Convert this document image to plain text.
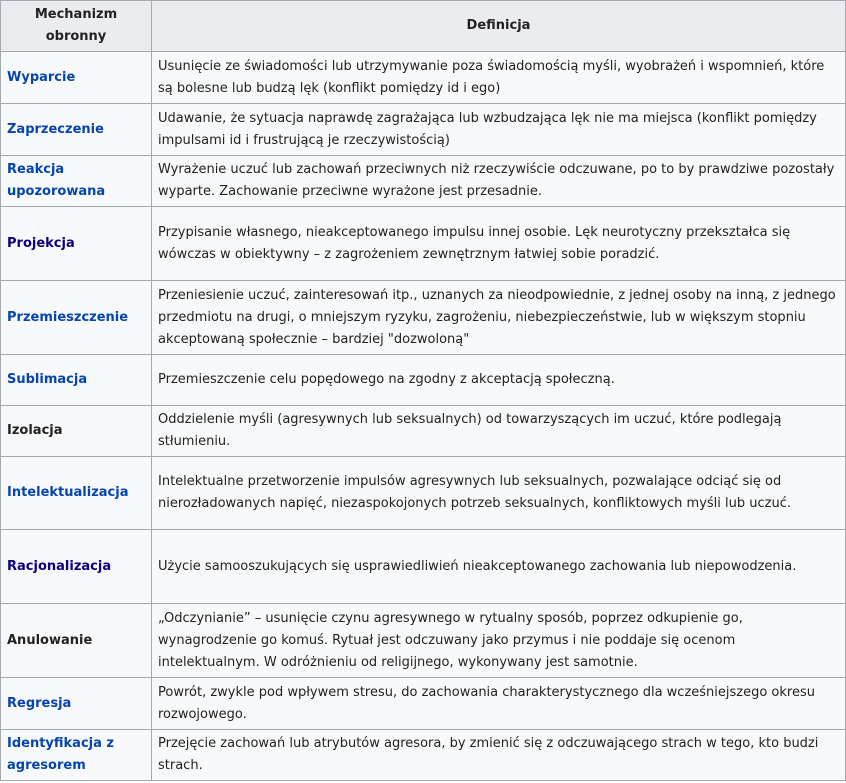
Mechanizm obronny	Definicja
Wyparcie	Usunięcie ze świadomości lub utrzymywanie poza świadomością myśli, wyobrażeń i wspomnień, które są bolesne lub budzą lęk (konflikt pomiędzy id i ego)
Zaprzeczenie	Udawanie, że sytuacja naprawdę zagrażająca lub wzbudzająca lęk nie ma miejsca (konflikt pomiędzy impulsami id i frustrującą je rzeczywistością)
Reakcja upozorowana	Wyrażenie uczuć lub zachowań przeciwnych niż rzeczywiście odczuwane, po to by prawdziwe pozostały wyparte. Zachowanie przeciwne wyrażone jest przesadnie.
Projekcja	Przypisanie własnego, nieakceptowanego impulsu innej osobie. Lęk neurotyczny przekształca się wówczas w obiektywny – z zagrożeniem zewnętrznym łatwiej sobie poradzić.
Przemieszczenie	Przeniesienie uczuć, zainteresowań itp., uznanych za nieodpowiednie, z jednej osoby na inną, z jednego przedmiotu na drugi, o mniejszym ryzyku, zagrożeniu, niebezpieczeństwie, lub w większym stopniu akceptowaną społecznie – bardziej "dozwoloną"
Sublimacja	Przemieszczenie celu popędowego na zgodny z akceptacją społeczną.
Izolacja	Oddzielenie myśli (agresywnych lub seksualnych) od towarzyszących im uczuć, które podlegają stłumieniu.
Intelektualizacja	Intelektualne przetworzenie impulsów agresywnych lub seksualnych, pozwalające odciąć się od nierozładowanych napięć, niezaspokojonych potrzeb seksualnych, konfliktowych myśli lub uczuć.
Racjonalizacja	Użycie samooszukujących się usprawiedliwień nieakceptowanego zachowania lub niepowodzenia.
Anulowanie	„Odczynianie” – usunięcie czynu agresywnego w rytualny sposób, poprzez odkupienie go, wynagrodzenie go komuś. Rytuał jest odczuwany jako przymus i nie poddaje się ocenom intelektualnym. W odróżnieniu od religijnego, wykonywany jest samotnie.
Regresja	Powrót, zwykle pod wpływem stresu, do zachowania charakterystycznego dla wcześniejszego okresu rozwojowego.
Identyfikacja z agresorem	Przejęcie zachowań lub atrybutów agresora, by zmienić się z odczuwającego strach w tego, kto budzi strach.
